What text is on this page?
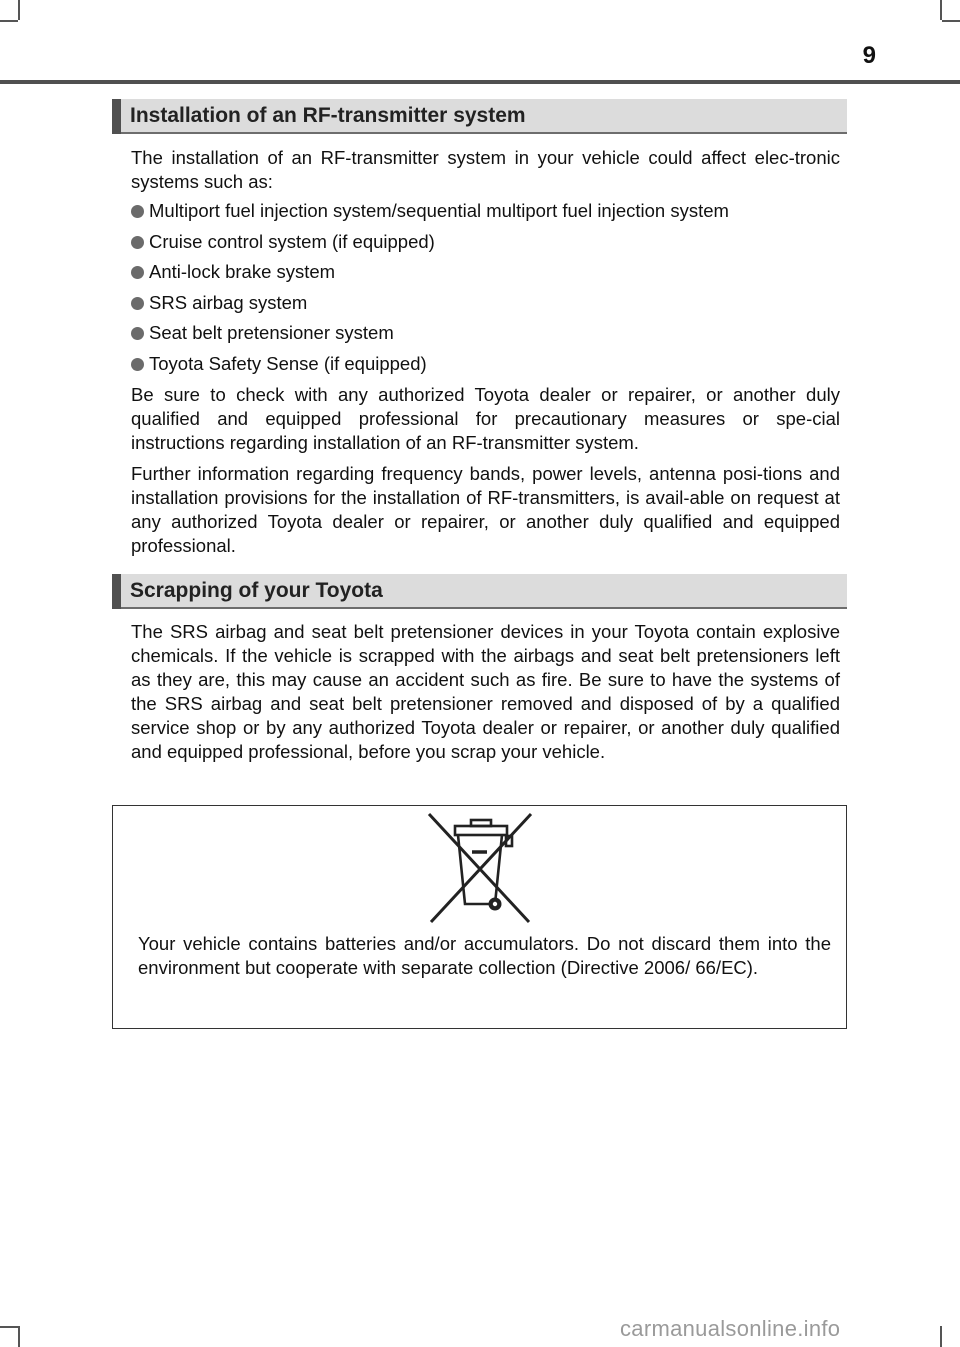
9
Installation of an RF-transmitter system

The installation of an RF-transmitter system in your vehicle could affect elec-tronic systems such as:

Multiport fuel injection system/sequential multiport fuel injection system
Cruise control system (if equipped)
Anti-lock brake system
SRS airbag system
Seat belt pretensioner system
Toyota Safety Sense (if equipped)

Be sure to check with any authorized Toyota dealer or repairer, or another duly qualified and equipped professional for precautionary measures or spe-cial instructions regarding installation of an RF-transmitter system.

Further information regarding frequency bands, power levels, antenna posi-tions and installation provisions for the installation of RF-transmitters, is avail-able on request at any authorized Toyota dealer or repairer, or another duly qualified and equipped professional.

Scrapping of your Toyota

The SRS airbag and seat belt pretensioner devices in your Toyota contain explosive chemicals. If the vehicle is scrapped with the airbags and seat belt pretensioners left as they are, this may cause an accident such as fire. Be sure to have the systems of the SRS airbag and seat belt pretensioner removed and disposed of by a qualified service shop or by any authorized Toyota dealer or repairer, or another duly qualified and equipped professional, before you scrap your vehicle.

Your vehicle contains batteries and/or accumulators. Do not discard them into the environment but cooperate with separate collection (Directive 2006/ 66/EC).

carmanualsonline.info
